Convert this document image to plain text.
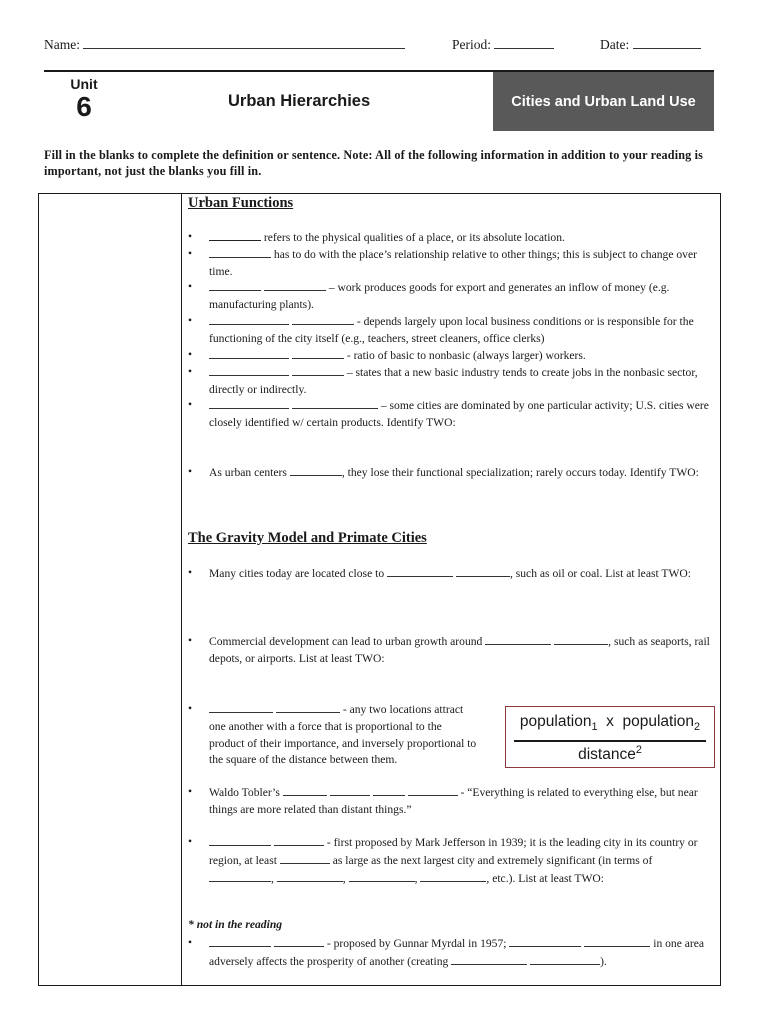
Name:	Period:	Date:
Unit
6	Urban Hierarchies	Cities and Urban Land Use
Fill in the blanks to complete the definition or sentence. Note: All of the following information in addition to your reading is important, not just the blanks you fill in.
Urban Functions
•	refers to the physical qualities of a place, or its absolute location.
•	has to do with the place’s relationship relative to other things; this is subject to change over time.
•	– work produces goods for export and generates an inflow of money (e.g. manufacturing plants).
•	- depends largely upon local business conditions or is responsible for the functioning of the city itself (e.g., teachers, street cleaners, office clerks)
•	- ratio of basic to nonbasic (always larger) workers.
•	– states that a new basic industry tends to create jobs in the nonbasic sector, directly or indirectly.
•	– some cities are dominated by one particular activity; U.S. cities were closely identified w/ certain products. Identify TWO:
•	As urban centers	, they lose their functional specialization; rarely occurs today. Identify TWO:
The Gravity Model and Primate Cities
•	Many cities today are located close to	, such as oil or coal. List at least TWO:
•	Commercial development can lead to urban growth around	, such as seaports, rail depots, or airports. List at least TWO:
•	- any two locations attract one another with a force that is proportional to the product of their importance, and inversely proportional to the square of the distance between them.
population$_1$ x population$_2$
distance$^2$
•	Waldo Tobler’s	- “Everything is related to everything else, but near things are more related than distant things.”
•	- first proposed by Mark Jefferson in 1939; it is the leading city in its country or region, at least	as large as the next largest city and extremely significant (in terms of ,	,	,	, etc.). List at least TWO:
* not in the reading
•	- proposed by Gunnar Myrdal in 1957;	in one area adversely affects the prosperity of another (creating	).
